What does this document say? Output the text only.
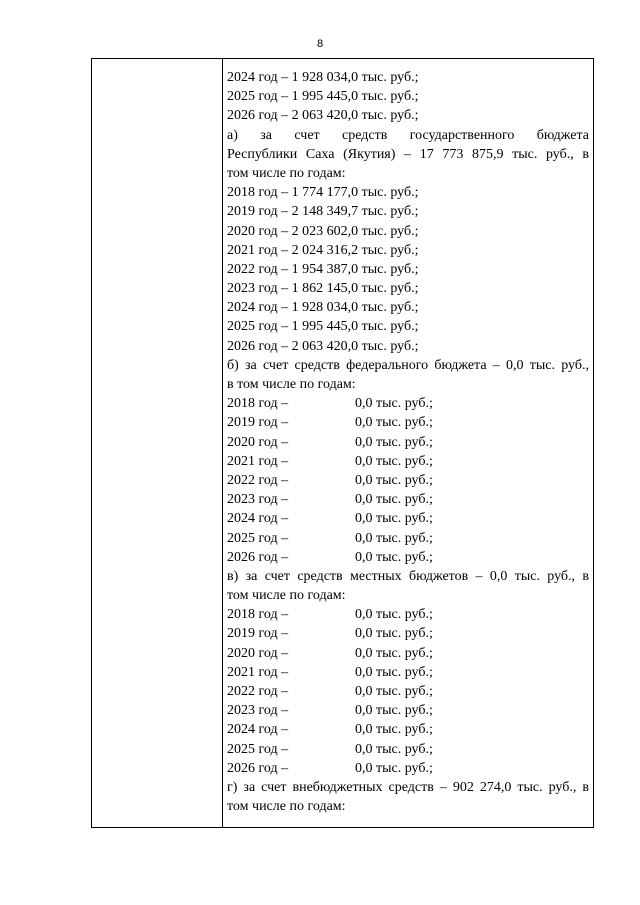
8
2024 год – 1 928 034,0 тыс. руб.;
2025 год – 1 995 445,0 тыс. руб.;
2026 год – 2 063 420,0 тыс. руб.;
а) за счет средств государственного бюджета
Республики Саха (Якутия) – 17 773 875,9 тыс. руб., в
том числе по годам:
2018 год – 1 774 177,0 тыс. руб.;
2019 год – 2 148 349,7 тыс. руб.;
2020 год – 2 023 602,0 тыс. руб.;
2021 год – 2 024 316,2 тыс. руб.;
2022 год – 1 954 387,0 тыс. руб.;
2023 год – 1 862 145,0 тыс. руб.;
2024 год – 1 928 034,0 тыс. руб.;
2025 год – 1 995 445,0 тыс. руб.;
2026 год – 2 063 420,0 тыс. руб.;
б) за счет средств федерального бюджета – 0,0 тыс. руб.,
в том числе по годам:
2018 год –	0,0 тыс. руб.;
2019 год –	0,0 тыс. руб.;
2020 год –	0,0 тыс. руб.;
2021 год –	0,0 тыс. руб.;
2022 год –	0,0 тыс. руб.;
2023 год –	0,0 тыс. руб.;
2024 год –	0,0 тыс. руб.;
2025 год –	0,0 тыс. руб.;
2026 год –	0,0 тыс. руб.;
в) за счет средств местных бюджетов – 0,0 тыс. руб., в
том числе по годам:
2018 год –	0,0 тыс. руб.;
2019 год –	0,0 тыс. руб.;
2020 год –	0,0 тыс. руб.;
2021 год –	0,0 тыс. руб.;
2022 год –	0,0 тыс. руб.;
2023 год –	0,0 тыс. руб.;
2024 год –	0,0 тыс. руб.;
2025 год –	0,0 тыс. руб.;
2026 год –	0,0 тыс. руб.;
г) за счет внебюджетных средств – 902 274,0 тыс. руб., в
том числе по годам:
